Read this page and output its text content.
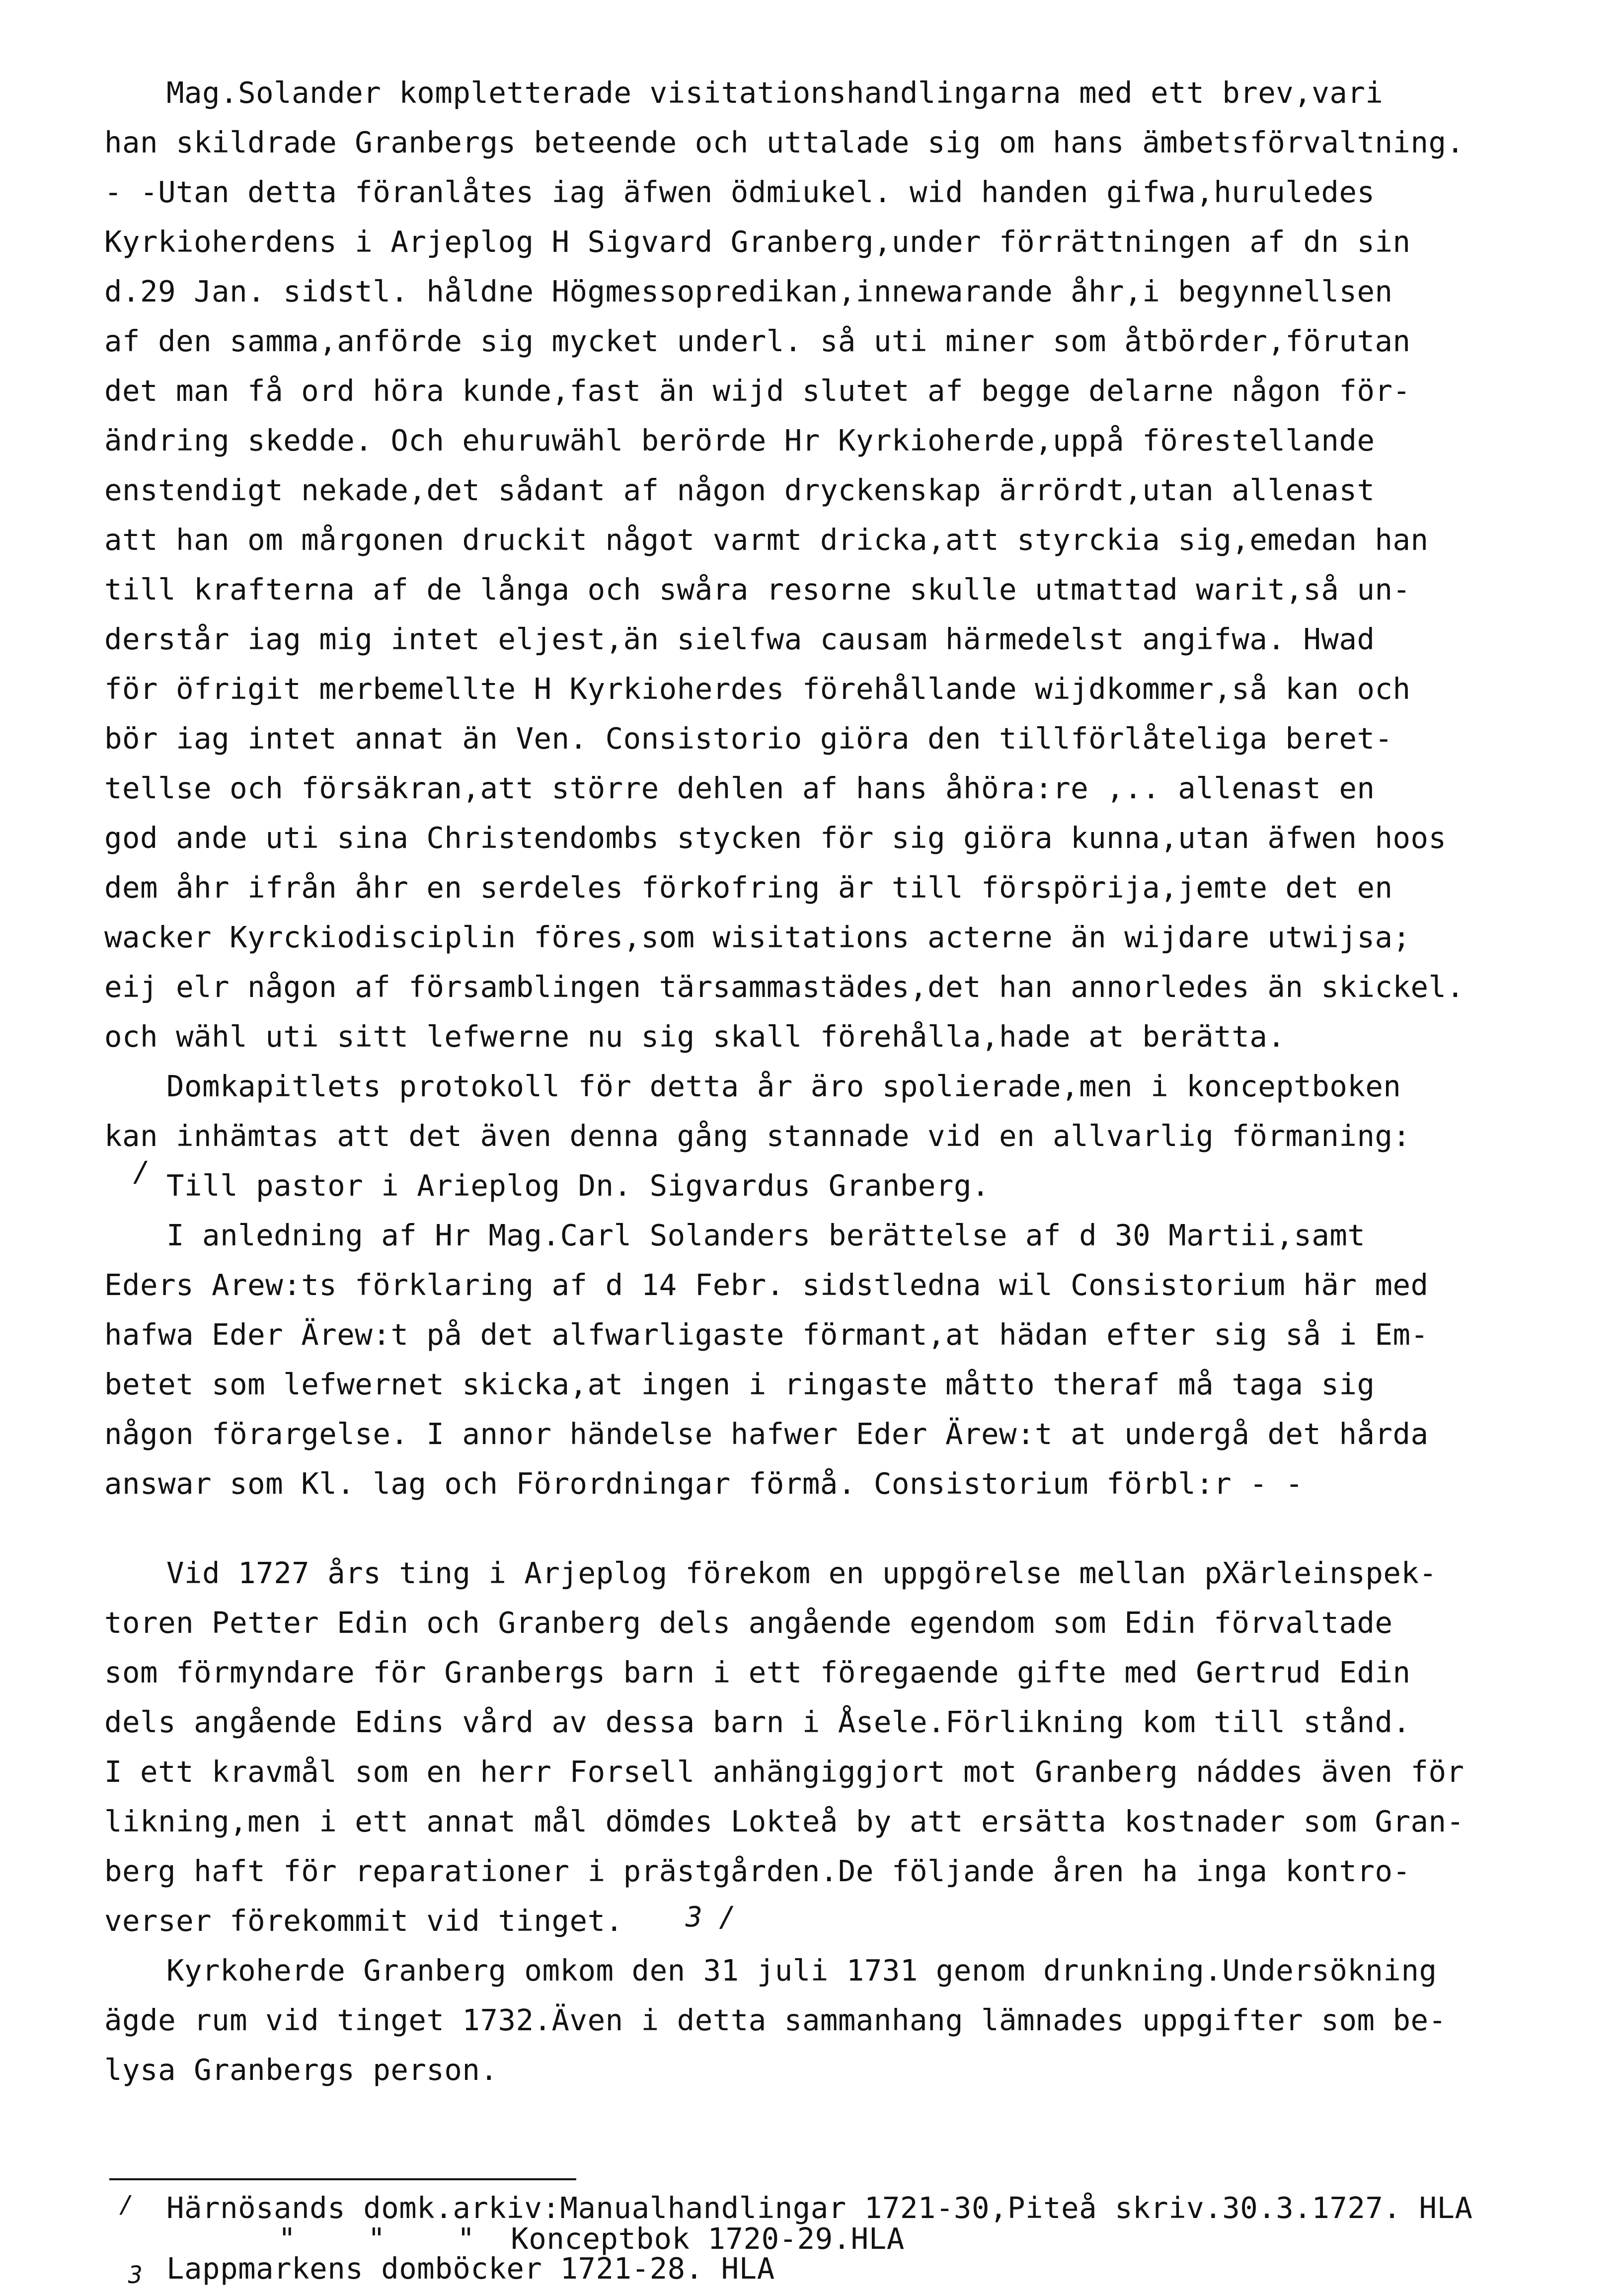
Mag.Solander kompletterade visitationshandlingarna med ett brev,vari
han skildrade Granbergs beteende och uttalade sig om hans ämbetsförvaltning.
- -Utan detta föranlåtes iag äfwen ödmiukel. wid handen gifwa,huruledes
Kyrkioherdens i Arjeplog H Sigvard Granberg,under förrättningen af dn sin
d.29 Jan. sidstl. håldne Högmessopredikan,innewarande åhr,i begynnellsen
af den samma,anförde sig mycket underl. så uti miner som åtbörder,förutan
det man få ord höra kunde,fast än wijd slutet af begge delarne någon för-
ändring skedde. Och ehuruwähl berörde Hr Kyrkioherde,uppå förestellande
enstendigt nekade,det sådant af någon dryckenskap ärrördt,utan allenast
att han om mårgonen druckit något varmt dricka,att styrckia sig,emedan han
till krafterna af de långa och swåra resorne skulle utmattad warit,så un-
derstår iag mig intet eljest,än sielfwa causam härmedelst angifwa. Hwad
för öfrigit merbemellte H Kyrkioherdes förehållande wijdkommer,så kan och
bör iag intet annat än Ven. Consistorio giöra den tillförlåteliga beret-
tellse och försäkran,att större dehlen af hans åhöra:re ,.. allenast en
god ande uti sina Christendombs stycken för sig giöra kunna,utan äfwen hoos
dem åhr ifrån åhr en serdeles förkofring är till förspörija,jemte det en
wacker Kyrckiodisciplin föres,som wisitations acterne än wijdare utwijsa;
eij elr någon af församblingen tärsammastädes,det han annorledes än skickel.
och wähl uti sitt lefwerne nu sig skall förehålla,hade at berätta.
Domkapitlets protokoll för detta år äro spolierade,men i konceptboken
kan inhämtas att det även denna gång stannade vid en allvarlig förmaning:
/ Till pastor i Arieplog Dn. Sigvardus Granberg.
I anledning af Hr Mag.Carl Solanders berättelse af d 30 Martii,samt
Eders Arew:ts förklaring af d 14 Febr. sidstledna wil Consistorium här med
hafwa Eder Ärew:t på det alfwarligaste förmant,at hädan efter sig så i Em-
betet som lefwernet skicka,at ingen i ringaste måtto theraf må taga sig
någon förargelse. I annor händelse hafwer Eder Ärew:t at undergå det hårda
answar som Kl. lag och Förordningar förmå. Consistorium förbl:r - -
Vid 1727 års ting i Arjeplog förekom en uppgörelse mellan pXärleinspek-
toren Petter Edin och Granberg dels angående egendom som Edin förvaltade
som förmyndare för Granbergs barn i ett föregaende gifte med Gertrud Edin
dels angående Edins vård av dessa barn i Åsele.Förlikning kom till stånd.
I ett kravmål som en herr Forsell anhängiggjort mot Granberg náddes även för
likning,men i ett annat mål dömdes Lokteå by att ersätta kostnader som Gran-
berg haft för reparationer i prästgården.De följande åren ha inga kontro-
verser förekommit vid tinget. 3 /
Kyrkoherde Granberg omkom den 31 juli 1731 genom drunkning.Undersökning
ägde rum vid tinget 1732.Även i detta sammanhang lämnades uppgifter som be-
lysa Granbergs person.
/ Härnösands domk.arkiv:Manualhandlingar 1721-30,Piteå skriv.30.3.1727. HLA
"    "    "  Konceptbok 1720-29.HLA
3 Lappmarkens domböcker 1721-28. HLA
